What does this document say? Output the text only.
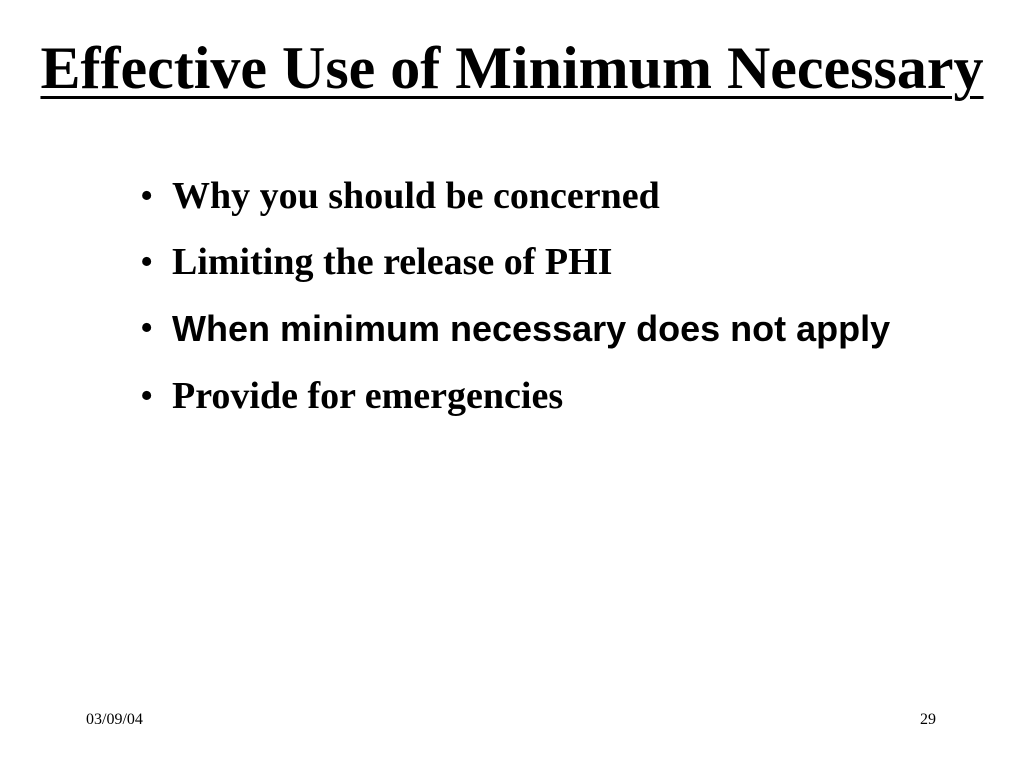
Effective Use of Minimum Necessary
• Why you should be concerned
• Limiting the release of PHI
• When minimum necessary does not apply
• Provide for emergencies
03/09/04	29
